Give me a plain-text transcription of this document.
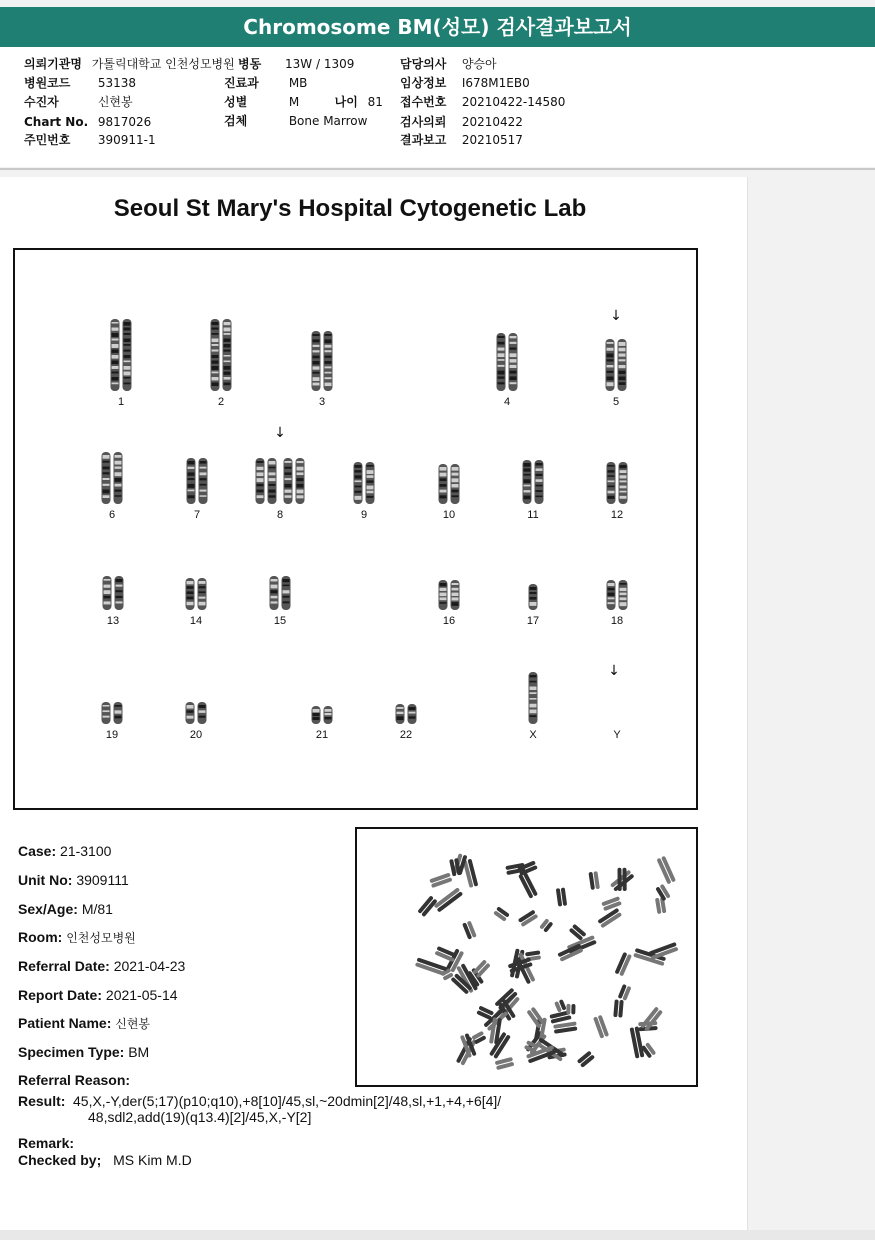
Chromosome BM(성모) 검사결과보고서
의뢰기관명 가톨릭대학교 인천성모병원
병원코드 53138
수진자	신현봉
Chart No. 9817026
주민번호 390911-1
병동 13W / 1309
진료과	MB
성별	M	나이 81
검체	Bone Marrow
담당의사 양승아
임상정보 I678M1EB0
접수번호 20210422-14580
검사의뢰 20210422
결과보고 20210517
Seoul St Mary's Hospital Cytogenetic Lab
1	2	3	4	5
6	7	8	9	10	11	12
13	14	15	16	17	18
19	20	21	22	X	Y
↓
↓
↓
Case: 21-3100
Unit No: 3909111
Sex/Age: M/81
Room: 인천성모병원
Referral Date: 2021-04-23
Report Date: 2021-05-14
Patient Name: 신현봉
Specimen Type: BM
Referral Reason:
Result: 45,X,-Y,der(5;17)(p10;q10),+8[10]/45,sl,~20dmin[2]/48,sl,+1,+4,+6[4]/
48,sdl2,add(19)(q13.4)[2]/45,X,-Y[2]
Remark:
Checked by; MS Kim M.D
